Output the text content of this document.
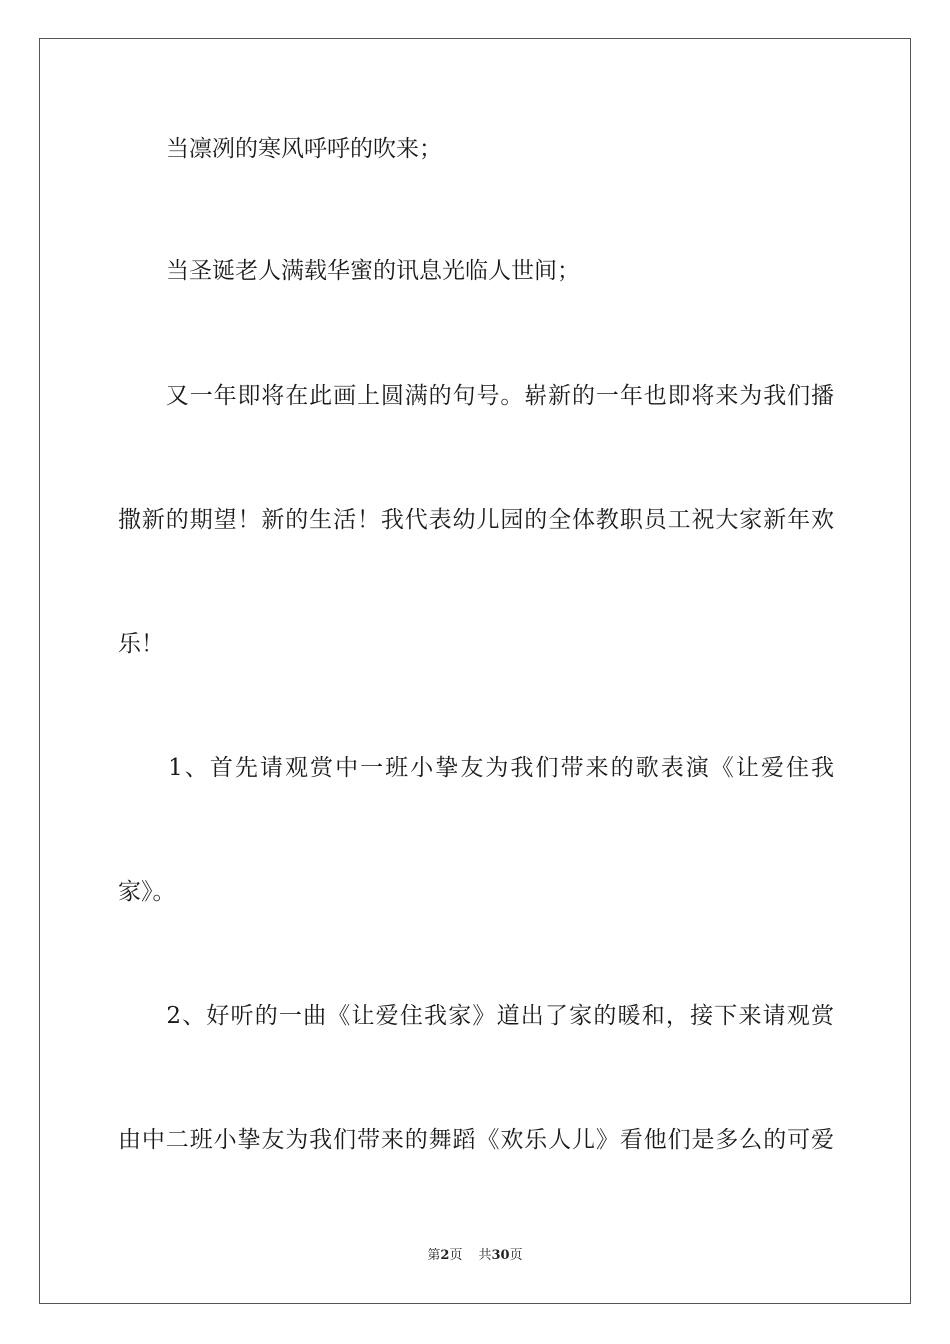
当凛冽的寒风呼呼的吹来；
当圣诞老人满载华蜜的讯息光临人世间；
　　又一年即将在此画上圆满的句号。崭新的一年也即将来为我们播
撒新的期望！新的生活！我代表幼儿园的全体教职员工祝大家新年欢
乐！
　　1、首先请观赏中一班小挚友为我们带来的歌表演《让爱住我
家》。
　　2、好听的一曲《让爱住我家》道出了家的暖和，接下来请观赏
由中二班小挚友为我们带来的舞蹈《欢乐人儿》看他们是多么的可爱
第2页 共30页
